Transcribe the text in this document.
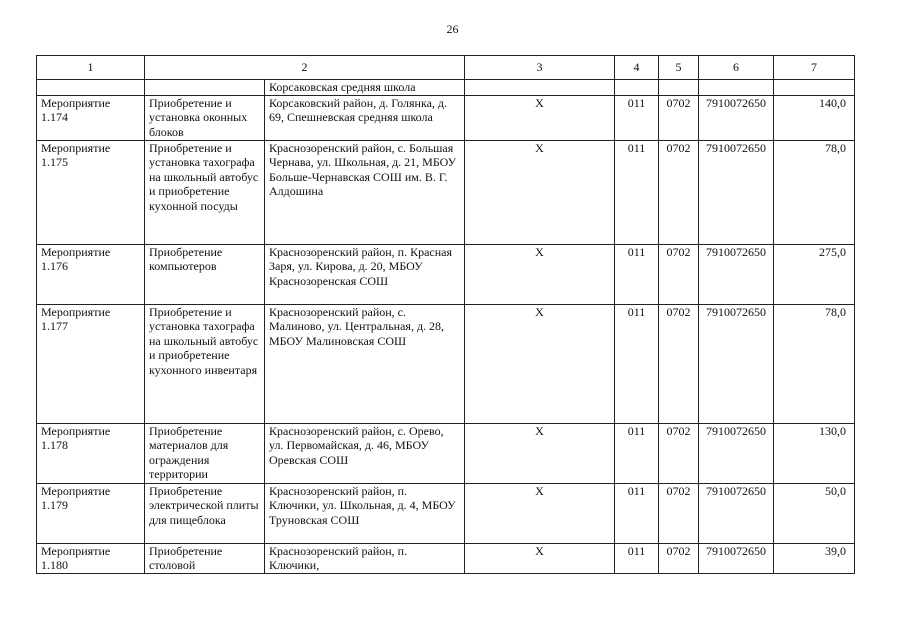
26
1	2		3	4	5	6	7
		Корсаковская средняя школа					
Мероприятие 1.174	Приобретение и установка оконных блоков	Корсаковский район, д. Голянка, д. 69, Спешневская средняя школа	Х	011	0702	7910072650	140,0
Мероприятие 1.175	Приобретение и установка тахографа на школьный автобус и приобретение кухонной посуды	Краснозоренский район, с. Большая Чернава, ул. Школьная, д. 21, МБОУ Больше-Чернавская СОШ им. В. Г. Алдошина	Х	011	0702	7910072650	78,0
Мероприятие 1.176	Приобретение компьютеров	Краснозоренский район, п. Красная Заря, ул. Кирова, д. 20, МБОУ Краснозоренская СОШ	Х	011	0702	7910072650	275,0
Мероприятие 1.177	Приобретение и установка тахографа на школьный автобус и приобретение кухонного инвентаря	Краснозоренский район, с. Малиново, ул. Центральная, д. 28, МБОУ Малиновская СОШ	Х	011	0702	7910072650	78,0
Мероприятие 1.178	Приобретение материалов для ограждения территории	Краснозоренский район, с. Орево, ул. Первомайская, д. 46, МБОУ Оревская СОШ	Х	011	0702	7910072650	130,0
Мероприятие 1.179	Приобретение электрической плиты для пищеблока	Краснозоренский район, п. Ключики, ул. Школьная, д. 4, МБОУ Труновская СОШ	Х	011	0702	7910072650	50,0
Мероприятие 1.180	Приобретение столовой	Краснозоренский район, п. Ключики,	Х	011	0702	7910072650	39,0
